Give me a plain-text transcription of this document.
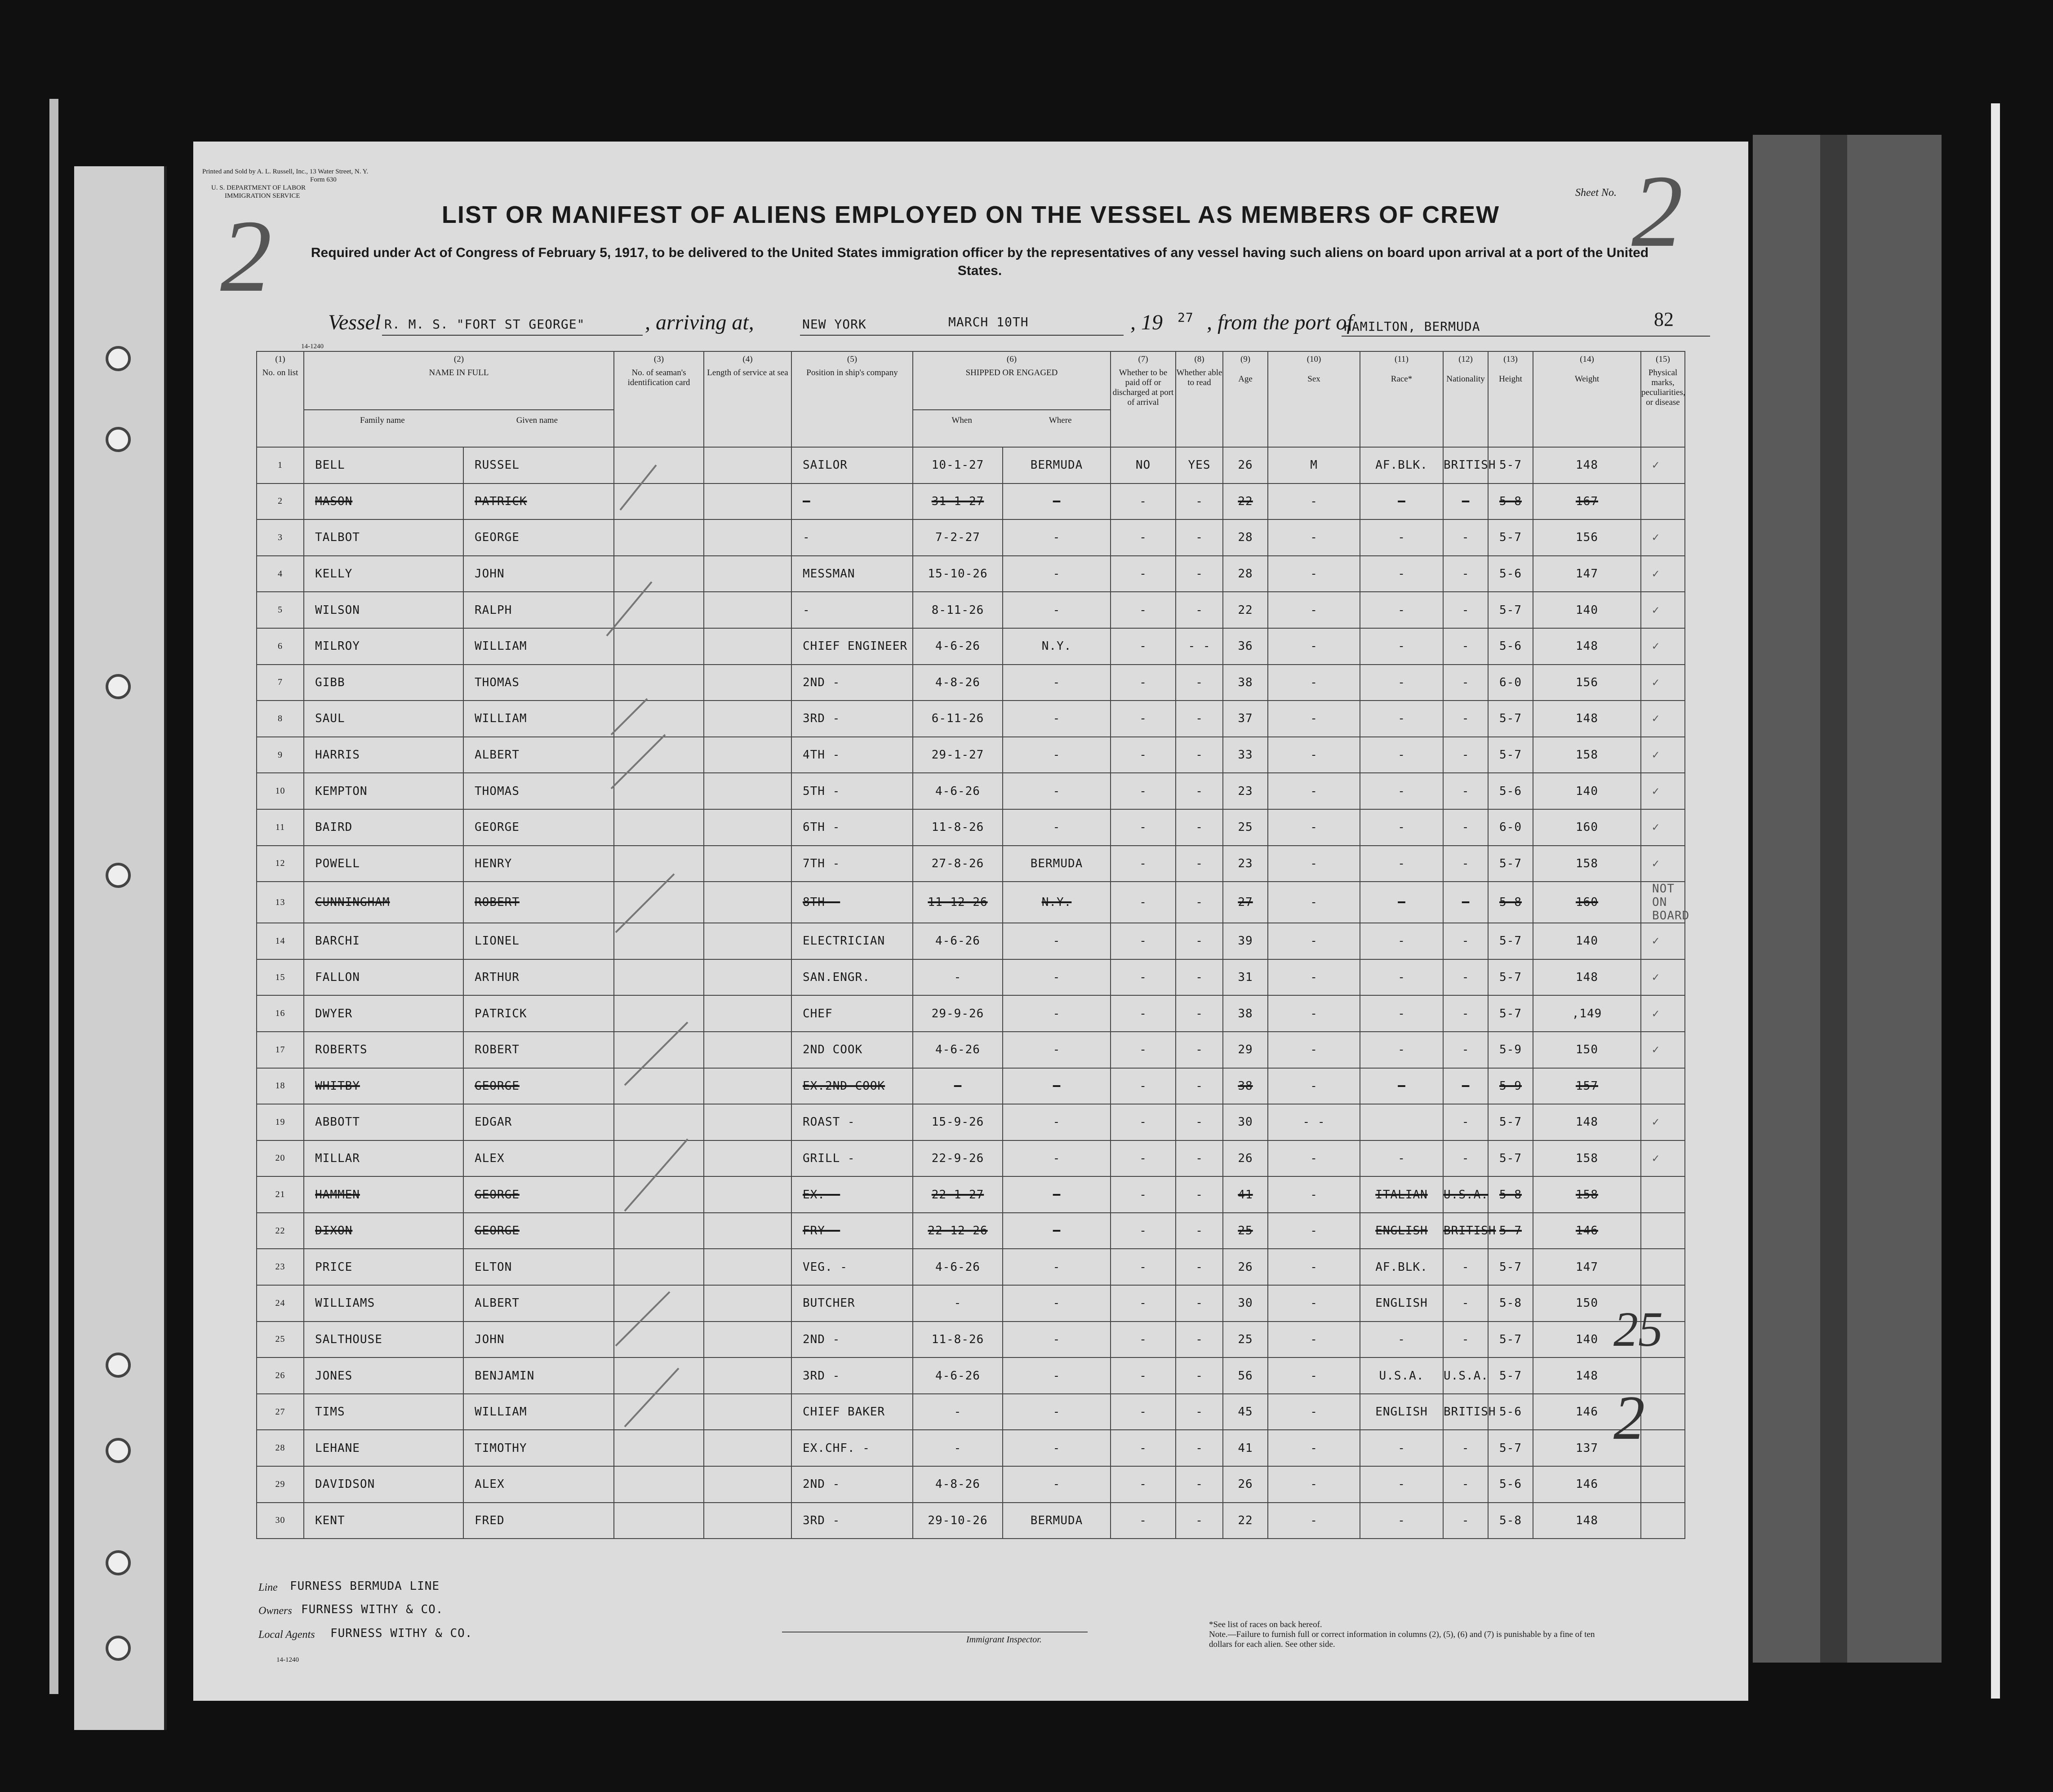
Printed and Sold by A. L. Russell, Inc., 13 Water Street, N. Y.
Form 630
U. S. DEPARTMENT OF LABOR
IMMIGRATION SERVICE
2
Sheet No. 2
LIST OR MANIFEST OF ALIENS EMPLOYED ON THE VESSEL AS MEMBERS OF CREW
Required under Act of Congress of February 5, 1917, to be delivered to the United States immigration officer by the representatives of any vessel having such aliens on board upon arrival at a port of the United States.
Vessel R. M. S. "FORT ST GEORGE"	, arriving at,	NEW YORK	MARCH 10TH	, 19 27 , from the port of
HAMILTON, BERMUDA	82
14-1240
(1)
No. on list	(2)
NAME IN FULL
Family name Given name		(3)
No. of seaman's identification card	(4)
Length of service at sea	(5)
Position in ship's company	(6)
SHIPPED OR ENGAGED
When Where		(7)
Whether to be paid off or discharged at port of arrival	(8)
Whether able to read	(9)
Age	(10)
Sex	(11)
Race*	(12)
Nationality	(13)
Height	(14)
Weight	(15)
Physical marks, peculiarities, or disease
1	BELL	RUSSEL			SAILOR	10-1-27	BERMUDA	NO	YES	26	M	AF.BLK.	BRITISH	5-7	148	✓
2	MASON	PATRICK			-	31-1-27	-	-	-	22	-	-	-	5-8	167	
3	TALBOT	GEORGE			-	7-2-27	-	-	-	28	-	-	-	5-7	156	✓
4	KELLY	JOHN			MESSMAN	15-10-26	-	-	-	28	-	-	-	5-6	147	✓
5	WILSON	RALPH			-	8-11-26	-	-	-	22	-	-	-	5-7	140	✓
6	MILROY	WILLIAM			CHIEF ENGINEER	4-6-26	N.Y.	-	- -	36	-	-	-	5-6	148	✓
7	GIBB	THOMAS			2ND -	4-8-26	-	-	-	38	-	-	-	6-0	156	✓
8	SAUL	WILLIAM			3RD -	6-11-26	-	-	-	37	-	-	-	5-7	148	✓
9	HARRIS	ALBERT			4TH -	29-1-27	-	-	-	33	-	-	-	5-7	158	✓
10	KEMPTON	THOMAS			5TH -	4-6-26	-	-	-	23	-	-	-	5-6	140	✓
11	BAIRD	GEORGE			6TH -	11-8-26	-	-	-	25	-	-	-	6-0	160	✓
12	POWELL	HENRY			7TH -	27-8-26	BERMUDA	-	-	23	-	-	-	5-7	158	✓
13	CUNNINGHAM	ROBERT			8TH -	11-12-26	N.Y.	-	-	27	-	-	-	5-8	160	NOT ON BOARD
14	BARCHI	LIONEL			ELECTRICIAN	4-6-26	-	-	-	39	-	-	-	5-7	140	✓
15	FALLON	ARTHUR			SAN.ENGR.	-	-	-	-	31	-	-	-	5-7	148	✓
16	DWYER	PATRICK			CHEF	29-9-26	-	-	-	38	-	-	-	5-7	,149	✓
17	ROBERTS	ROBERT			2ND COOK	4-6-26	-	-	-	29	-	-	-	5-9	150	✓
18	WHITBY	GEORGE			EX.2ND COOK	-	-	-	-	38	-	-	-	5-9	157	
19	ABBOTT	EDGAR			ROAST -	15-9-26	-	-	-	30	- -		-	5-7	148	✓
20	MILLAR	ALEX			GRILL -	22-9-26	-	-	-	26	-	-	-	5-7	158	✓
21	HAMMEN	GEORGE			EX. -	22-1-27	-	-	-	41	-	ITALIAN	U.S.A.	5-8	158	
22	DIXON	GEORGE			FRY -	22-12-26	-	-	-	25	-	ENGLISH	BRITISH	5-7	146	
23	PRICE	ELTON			VEG. -	4-6-26	-	-	-	26	-	AF.BLK.	-	5-7	147	
24	WILLIAMS	ALBERT			BUTCHER	-	-	-	-	30	-	ENGLISH	-	5-8	150	
25	SALTHOUSE	JOHN			2ND -	11-8-26	-	-	-	25	-	-	-	5-7	140	
26	JONES	BENJAMIN			3RD -	4-6-26	-	-	-	56	-	U.S.A.	U.S.A.	5-7	148	
27	TIMS	WILLIAM			CHIEF BAKER	-	-	-	-	45	-	ENGLISH	BRITISH	5-6	146	
28	LEHANE	TIMOTHY			EX.CHF. -	-	-	-	-	41	-	-	-	5-7	137	
29	DAVIDSON	ALEX			2ND -	4-8-26	-	-	-	26	-	-	-	5-6	146	
30	KENT	FRED			3RD -	29-10-26	BERMUDA	-	-	22	-	-	-	5-8	148	
25
2
Line FURNESS BERMUDA LINE
Owners FURNESS WITHY & CO.
Local Agents FURNESS WITHY & CO.
14-1240
Immigrant Inspector.
*See list of races on back hereof.
Note.—Failure to furnish full or correct information in columns (2), (5), (6) and (7) is punishable by a fine of ten dollars for each alien. See other side.
